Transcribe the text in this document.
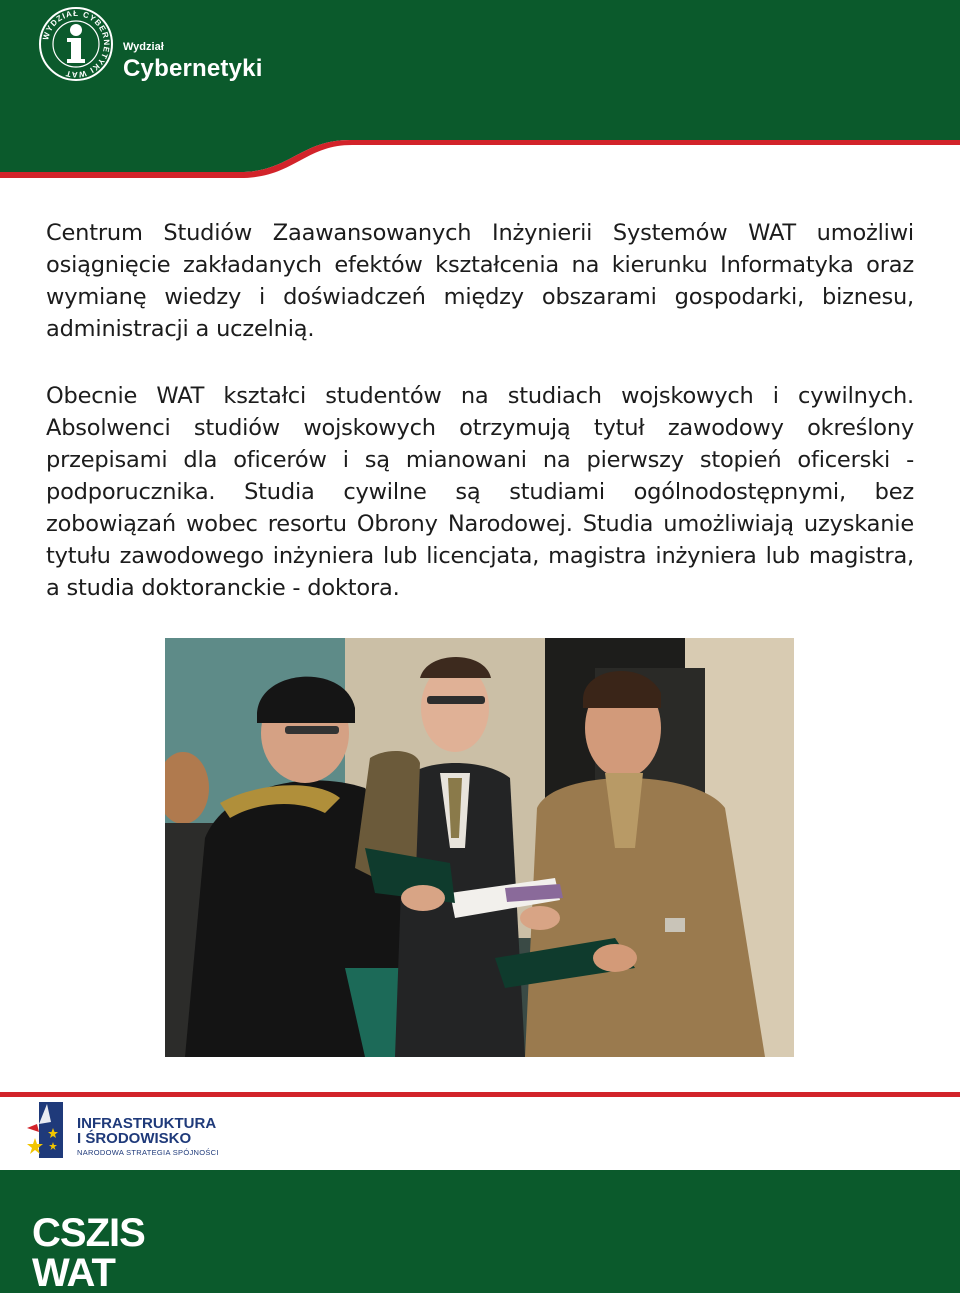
WYDZIAŁ CYBERNETYKI WAT
Wydział
Cybernetyki

Centrum Studiów Zaawansowanych Inżynierii Systemów WAT umożliwi osiągnięcie zakładanych efektów kształcenia na kierunku Informatyka oraz wymianę wiedzy i doświadczeń między obszarami gospodarki, biznesu, administracji a uczelnią.

Obecnie WAT kształci studentów na studiach wojskowych i cywilnych. Absolwenci studiów wojskowych otrzymują tytuł zawodowy określony przepisami dla oficerów i są mianowani na pierwszy stopień oficerski - podporucznika. Studia cywilne są studiami ogólnodostępnymi, bez zobowiązań wobec resortu Obrony Narodowej. Studia umożliwiają uzyskanie tytułu zawodowego inżyniera lub licencjata, magistra inżyniera lub magistra, a studia doktoranckie - doktora.

INFRASTRUKTURA
I ŚRODOWISKO
NARODOWA STRATEGIA SPÓJNOŚCI
CSZIS
WAT
